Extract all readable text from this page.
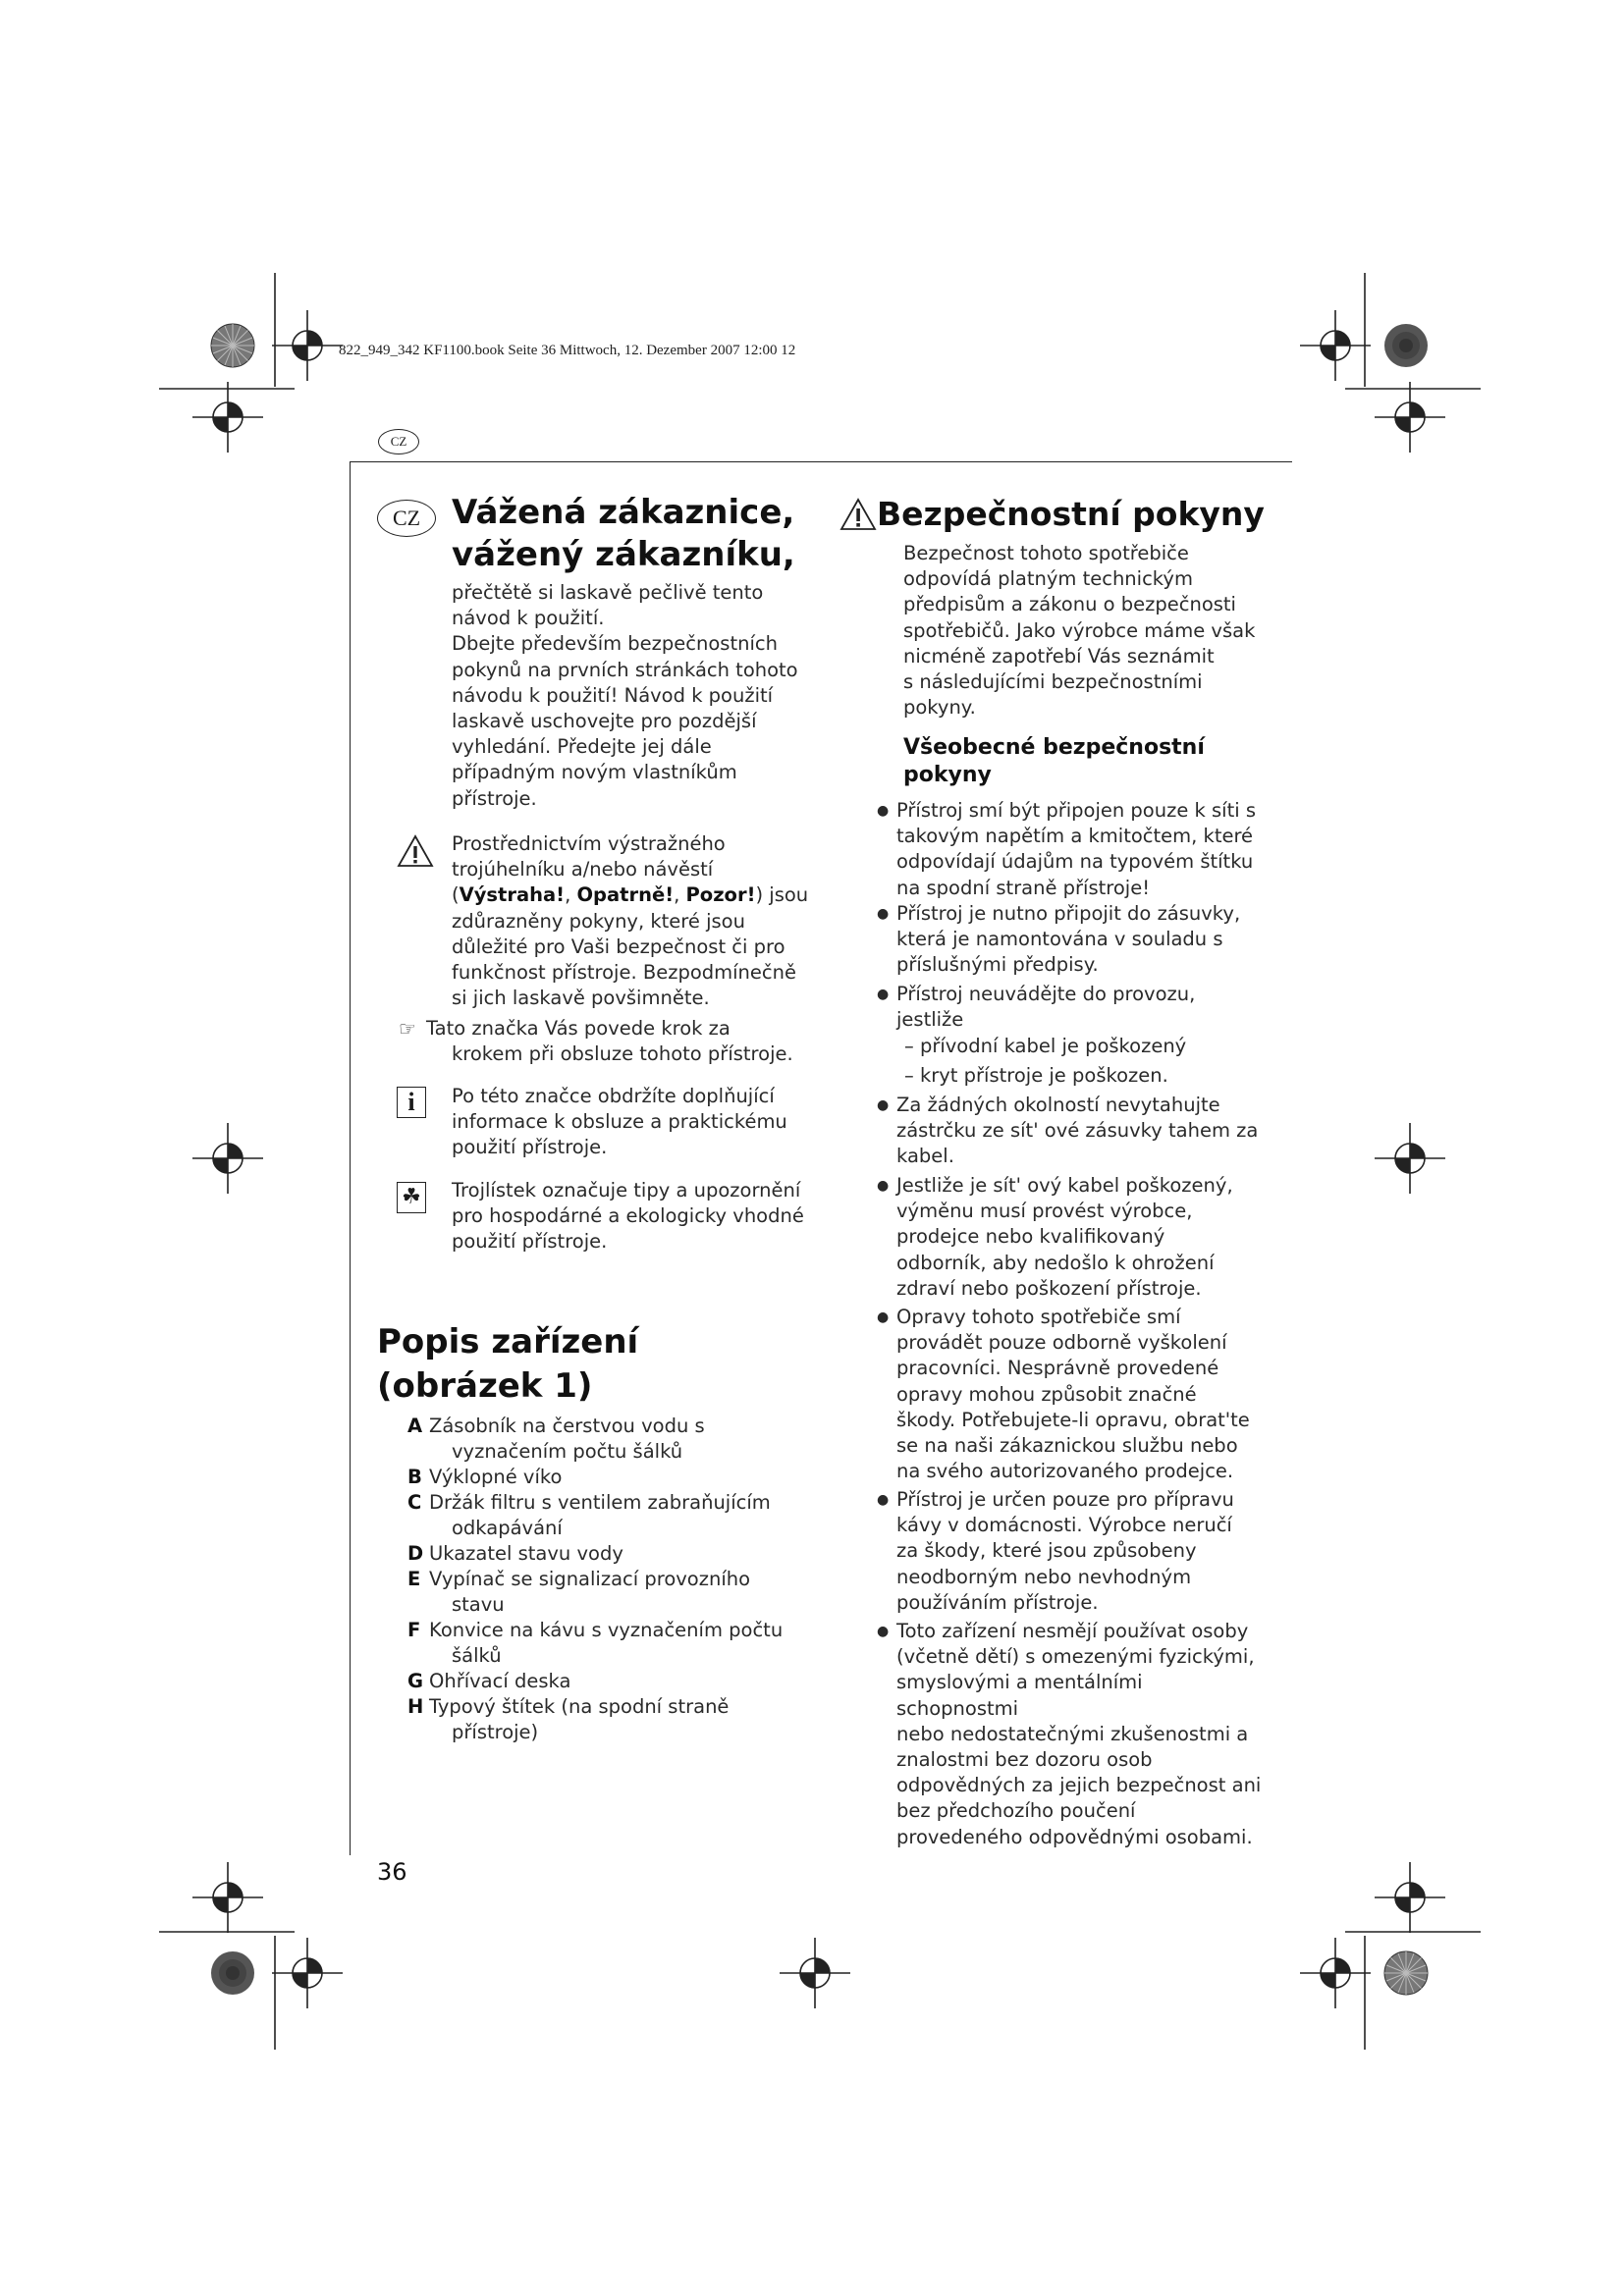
822_949_342 KF1100.book Seite 36 Mittwoch, 12. Dezember 2007 12:00 12
CZ
CZ Vážená zákaznice,
vážený zákazníku,
přečtětě si laskavě pečlivě tento
návod k použití.
Dbejte především bezpečnostních
pokynů na prvních stránkách tohoto
návodu k použití! Návod k použití
laskavě uschovejte pro pozdější
vyhledání. Předejte jej dále
případným novým vlastníkům
přístroje.
Prostřednictvím výstražného
trojúhelníku a/nebo návěstí
(Výstraha!, Opatrně!, Pozor!) jsou
zdůrazněny pokyny, které jsou
důležité pro Vaši bezpečnost či pro
funkčnost přístroje. Bezpodmínečně
si jich laskavě povšimněte.
☞ Tato značka Vás povede krok za
krokem při obsluze tohoto přístroje.
i	Po této značce obdržíte doplňující
informace k obsluze a praktickému
použití přístroje.
☘ Trojlístek označuje tipy a upozornění
pro hospodárné a ekologicky vhodné
použití přístroje.
Popis zařízení
(obrázek 1)
A Zásobník na čerstvou vodu s
vyznačením počtu šálků
B Výklopné víko
C Držák filtru s ventilem zabraňujícím
odkapávání
D Ukazatel stavu vody
E Vypínač se signalizací provozního
stavu
F Konvice na kávu s vyznačením počtu
šálků
G Ohřívací deska
H Typový štítek (na spodní straně
přístroje)
36
Bezpečnostní pokyny
Bezpečnost tohoto spotřebiče
odpovídá platným technickým
předpisům a zákonu o bezpečnosti
spotřebičů. Jako výrobce máme však
nicméně zapotřebí Vás seznámit
s následujícími bezpečnostními
pokyny.
Všeobecné bezpečnostní
pokyny
● Přístroj smí být připojen pouze k síti s
takovým napětím a kmitočtem, které
odpovídají údajům na typovém štítku
na spodní straně přístroje!
● Přístroj je nutno připojit do zásuvky,
která je namontována v souladu s
příslušnými předpisy.
● Přístroj neuvádějte do provozu,
jestliže
– přívodní kabel je poškozený
– kryt přístroje je poškozen.
● Za žádných okolností nevytahujte
zástrčku ze sít' ové zásuvky tahem za
kabel.
● Jestliže je sít' ový kabel poškozený,
výměnu musí provést výrobce,
prodejce nebo kvalifikovaný
odborník, aby nedošlo k ohrožení
zdraví nebo poškození přístroje.
● Opravy tohoto spotřebiče smí
provádět pouze odborně vyškolení
pracovníci. Nesprávně provedené
opravy mohou způsobit značné
škody. Potřebujete-li opravu, obrat'te
se na naši zákaznickou službu nebo
na svého autorizovaného prodejce.
● Přístroj je určen pouze pro přípravu
kávy v domácnosti. Výrobce neručí
za škody, které jsou způsobeny
neodborným nebo nevhodným
používáním přístroje.
● Toto zařízení nesmějí používat osoby
(včetně dětí) s omezenými fyzickými,
smyslovými a mentálními schopnostmi
nebo nedostatečnými zkušenostmi a
znalostmi bez dozoru osob
odpovědných za jejich bezpečnost ani
bez předchozího poučení
provedeného odpovědnými osobami.
